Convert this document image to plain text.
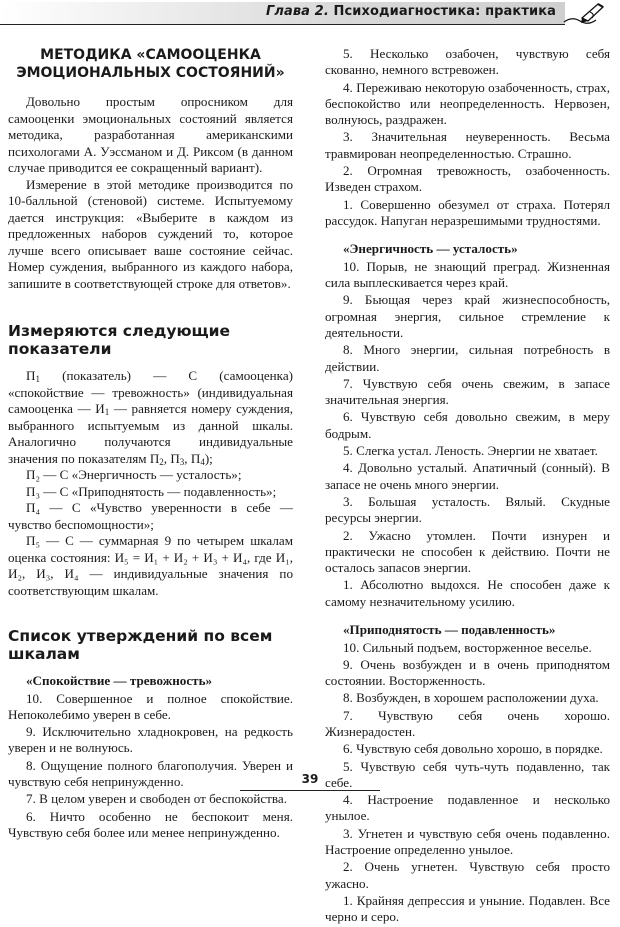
Глава 2. Психодиагностика: практика
МЕТОДИКА «САМООЦЕНКА
ЭМОЦИОНАЛЬНЫХ СОСТОЯНИЙ»

Довольно простым опросником для самооценки эмоциональных состояний является методика, разработанная американскими психологами А. Уэссманом и Д. Риксом (в данном случае приводится ее сокращенный вариант).

Измерение в этой методике производится по 10-балльной (стеновой) системе. Испытуемому дается инструкция: «Выберите в каждом из предложенных наборов суждений то, которое лучше всего описывает ваше состояние сейчас. Номер суждения, выбранного из каждого набора, запишите в соответствующей строке для ответов».

Измеряются следующие
показатели

$П_1$ (показатель) — С (самооценка) «спокойствие — тревожность» (индивидуальная самооценка — $И_1$ — равняется номеру суждения, выбранного испытуемым из данной шкалы. Аналогично получаются индивидуальные значения по показателям $П_2$, $П_3$, $П_4$);

П₂ — С «Энергичность — усталость»;

П₃ — С «Приподнятость — подавленность»;

П₄ — С «Чувство уверенности в себе — чувство беспомощности»;

П₅ — С — суммарная 9 по четырем шкалам оценка состояния: И₅ = И₁ + И₂ + И₃ + И₄, где И₁, И₂, И₃, И₄ — индивидуальные значения по соответствующим шкалам.

Список утверждений по всем
шкалам
«Спокойствие — тревожность»

10. Совершенное и полное спокойствие. Непоколебимо уверен в себе.

9. Исключительно хладнокровен, на редкость уверен и не волнуюсь.

8. Ощущение полного благополучия. Уверен и чувствую себя непринужденно.

7. В целом уверен и свободен от беспокойства.

6. Ничто особенно не беспокоит меня. Чувствую себя более или менее непринужденно.

5. Несколько озабочен, чувствую себя скованно, немного встревожен.

4. Переживаю некоторую озабоченность, страх, беспокойство или неопределенность. Нервозен, волнуюсь, раздражен.

3. Значительная неуверенность. Весьма травмирован неопределенностью. Страшно.

2. Огромная тревожность, озабоченность. Изведен страхом.

1. Совершенно обезумел от страха. Потерял рассудок. Напуган неразрешимыми трудностями.

«Энергичность — усталость»

10. Порыв, не знающий преград. Жизненная сила выплескивается через край.

9. Бьющая через край жизнеспособность, огромная энергия, сильное стремление к деятельности.

8. Много энергии, сильная потребность в действии.

7. Чувствую себя очень свежим, в запасе значительная энергия.

6. Чувствую себя довольно свежим, в меру бодрым.

5. Слегка устал. Леность. Энергии не хватает.

4. Довольно усталый. Апатичный (сонный). В запасе не очень много энергии.

3. Большая усталость. Вялый. Скудные ресурсы энергии.

2. Ужасно утомлен. Почти изнурен и практически не способен к действию. Почти не осталось запасов энергии.

1. Абсолютно выдохся. Не способен даже к самому незначительному усилию.

«Приподнятость — подавленность»

10. Сильный подъем, восторженное веселье.

9. Очень возбужден и в очень приподнятом состоянии. Восторженность.

8. Возбужден, в хорошем расположении духа.

7. Чувствую себя очень хорошо. Жизнерадостен.

6. Чувствую себя довольно хорошо, в порядке.

5. Чувствую себя чуть-чуть подавленно, так себе.

4. Настроение подавленное и несколько унылое.

3. Угнетен и чувствую себя очень подавленно. Настроение определенно унылое.

2. Очень угнетен. Чувствую себя просто ужасно.

1. Крайняя депрессия и уныние. Подавлен. Все черно и серо.

39
